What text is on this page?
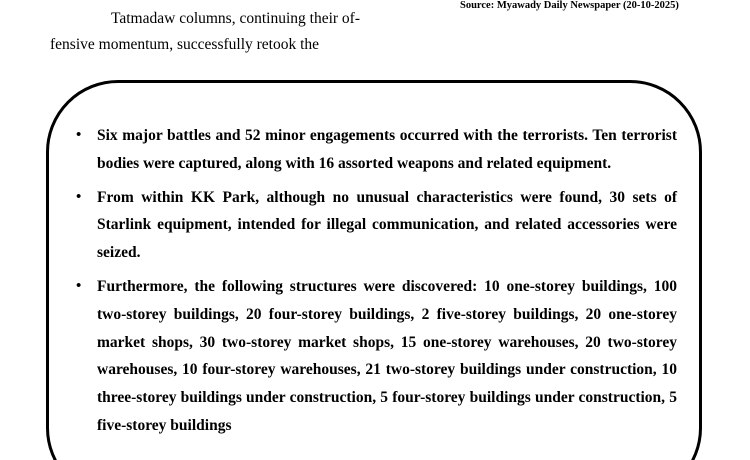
Tatmadaw columns, continuing their of-
fensive momentum, successfully retook the
Source: Myawady Daily Newspaper (20-10-2025)
• Six major battles and 52 minor engagements occurred with the terrorists. Ten terrorist bodies were captured, along with 16 assorted weapons and related equipment.
• From within KK Park, although no unusual characteristics were found, 30 sets of Starlink equipment, intended for illegal communication, and related accessories were seized.
• Furthermore, the following structures were discovered: 10 one-storey buildings, 100 two-storey buildings, 20 four-storey buildings, 2 five-storey buildings, 20 one-storey market shops, 30 two-storey market shops, 15 one-storey warehouses, 20 two-storey warehouses, 10 four-storey warehouses, 21 two-storey buildings under construction, 10 three-storey buildings under construction, 5 four-storey buildings under construction, 5 five-storey buildings
